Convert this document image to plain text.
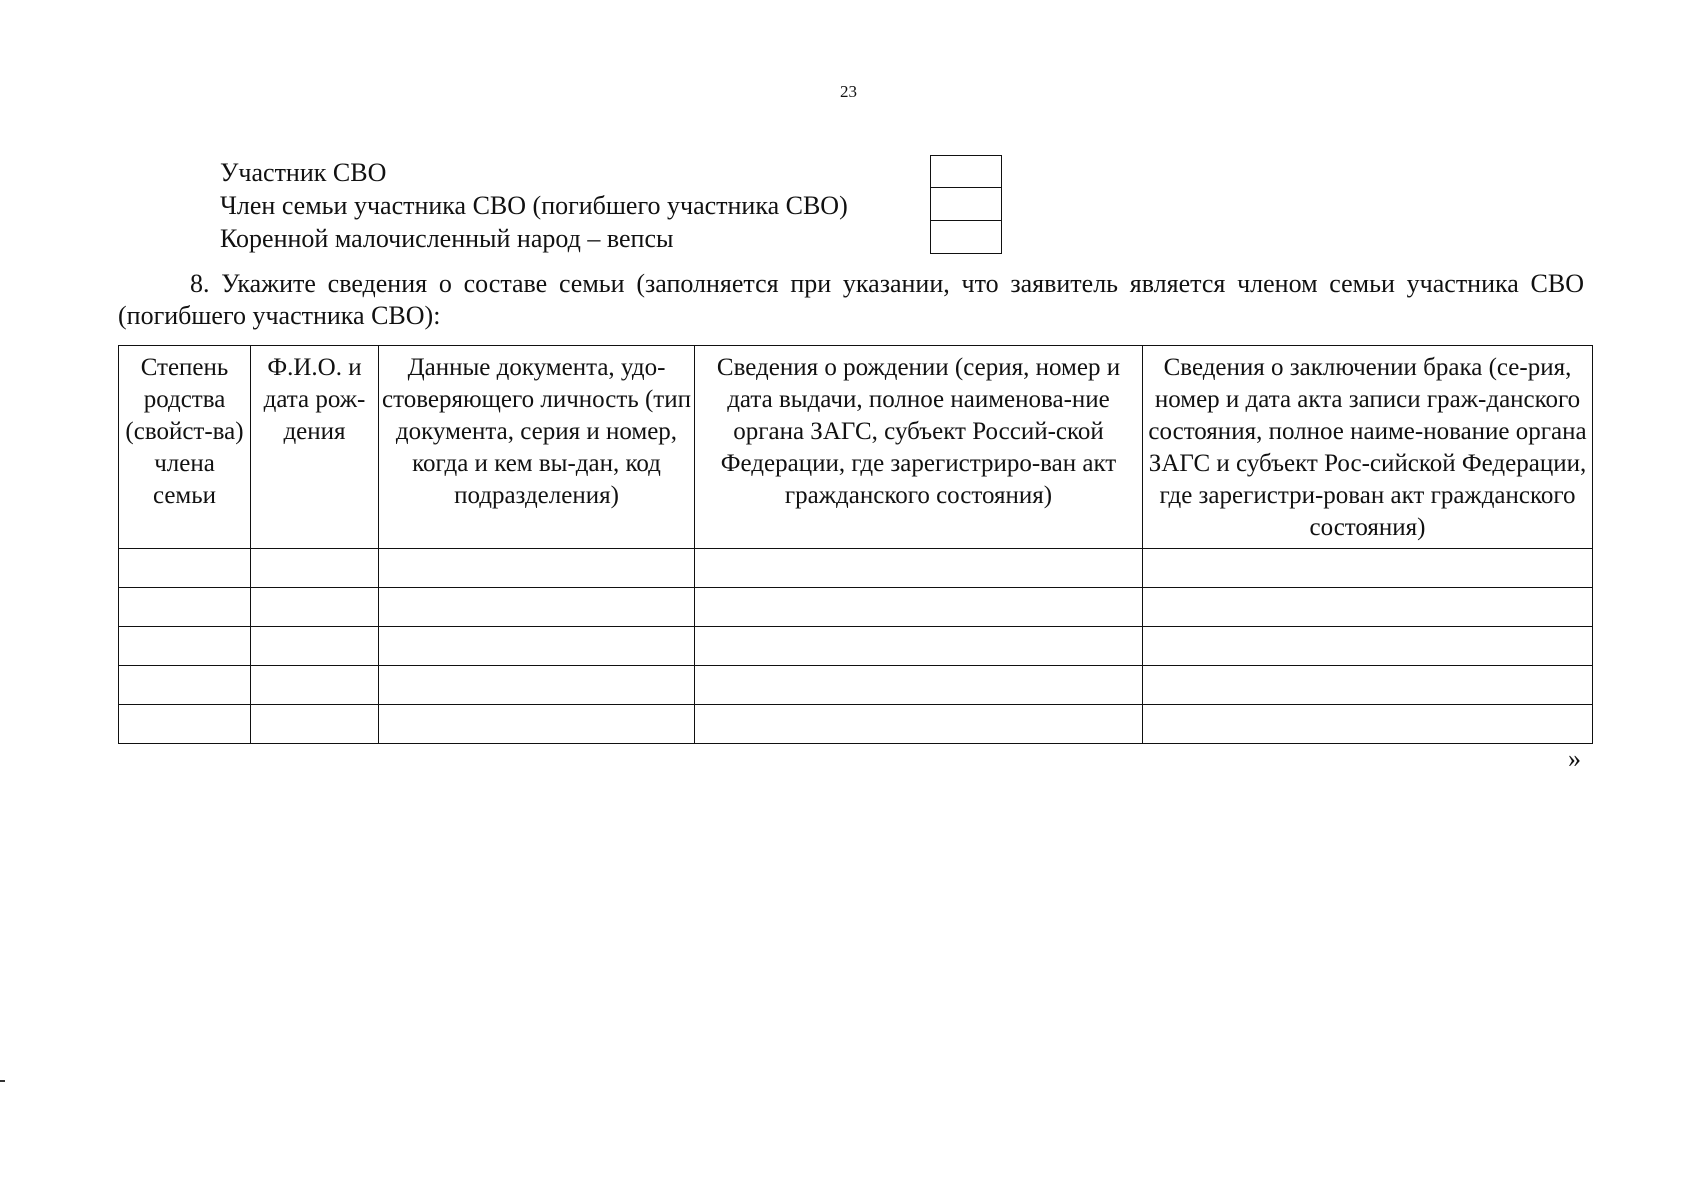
23
Участник СВО
Член семьи участника СВО (погибшего участника СВО)
Коренной малочисленный народ – вепсы
8. Укажите сведения о составе семьи (заполняется при указании, что заявитель является членом семьи участника СВО (погибшего участника СВО):
Степень родства (свойст-ва) члена семьи	Ф.И.О. и дата рож-дения	Данные документа, удо-стоверяющего личность (тип документа, серия и номер, когда и кем вы-дан, код подразделения)	Сведения о рождении (серия, номер и дата выдачи, полное наименова-ние органа ЗАГС, субъект Россий-ской Федерации, где зарегистриро-ван акт гражданского состояния)	Сведения о заключении брака (се-рия, номер и дата акта записи граж-данского состояния, полное наиме-нование органа ЗАГС и субъект Рос-сийской Федерации, где зарегистри-рован акт гражданского состояния)

»
